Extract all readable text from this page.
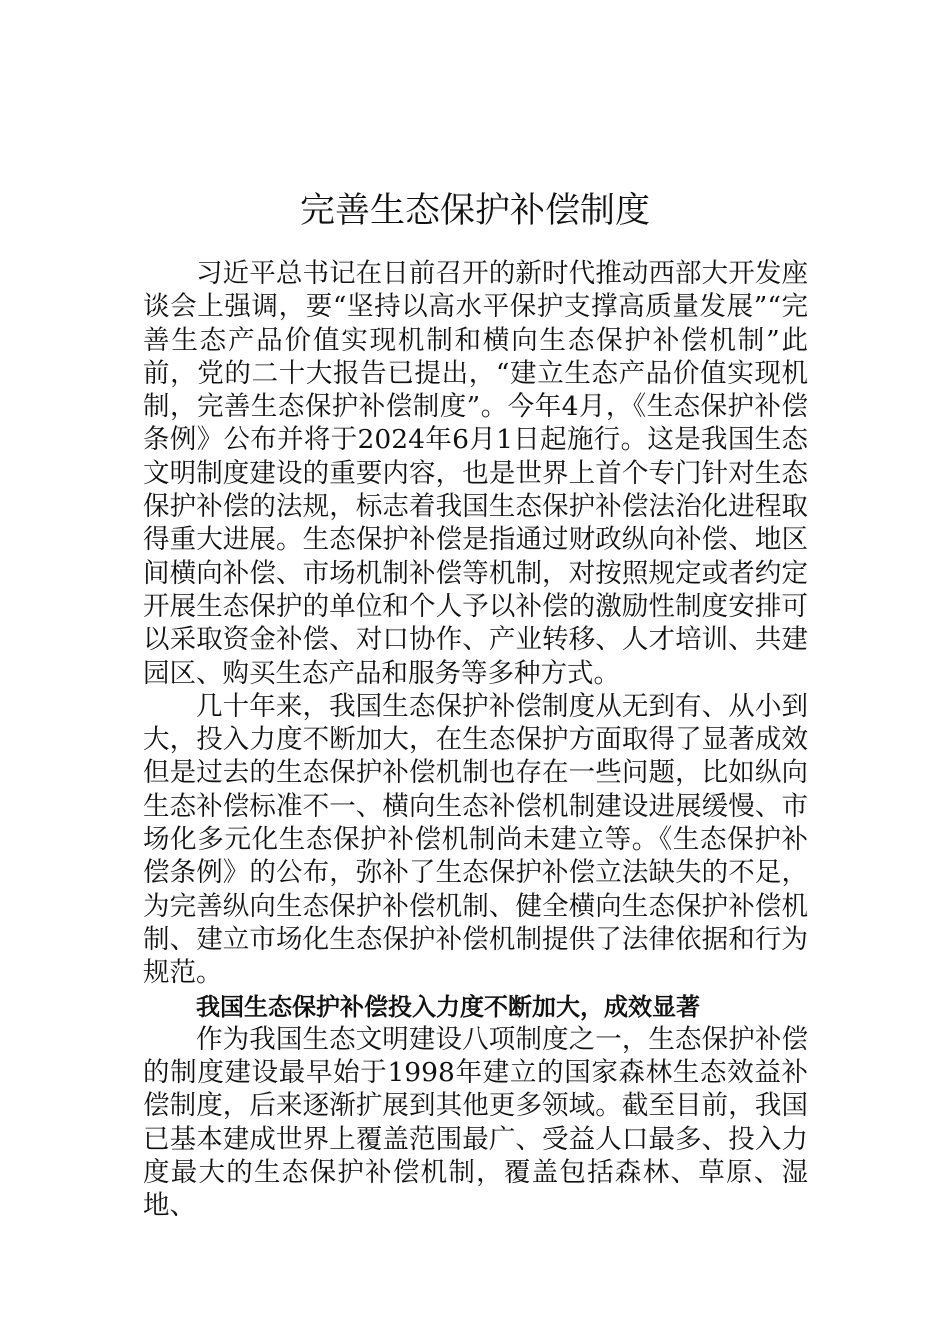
完善生态保护补偿制度

习近平总书记在日前召开的新时代推动西部大开发座谈会上强调，要“坚持以高水平保护支撑高质量发展”“完善生态产品价值实现机制和横向生态保护补偿机制”此前，党的二十大报告已提出，“建立生态产品价值实现机制，完善生态保护补偿制度”。今年4月，《生态保护补偿条例》公布并将于2024年6月1日起施行。这是我国生态文明制度建设的重要内容，也是世界上首个专门针对生态保护补偿的法规，标志着我国生态保护补偿法治化进程取得重大进展。生态保护补偿是指通过财政纵向补偿、地区间横向补偿、市场机制补偿等机制，对按照规定或者约定开展生态保护的单位和个人予以补偿的激励性制度安排可以采取资金补偿、对口协作、产业转移、人才培训、共建园区、购买生态产品和服务等多种方式。

几十年来，我国生态保护补偿制度从无到有、从小到大，投入力度不断加大，在生态保护方面取得了显著成效但是过去的生态保护补偿机制也存在一些问题，比如纵向生态补偿标准不一、横向生态补偿机制建设进展缓慢、市场化多元化生态保护补偿机制尚未建立等。《生态保护补偿条例》的公布，弥补了生态保护补偿立法缺失的不足，为完善纵向生态保护补偿机制、健全横向生态保护补偿机制、建立市场化生态保护补偿机制提供了法律依据和行为规范。

我国生态保护补偿投入力度不断加大，成效显著

作为我国生态文明建设八项制度之一，生态保护补偿的制度建设最早始于1998年建立的国家森林生态效益补偿制度，后来逐渐扩展到其他更多领域。截至目前，我国已基本建成世界上覆盖范围最广、受益人口最多、投入力度最大的生态保护补偿机制，覆盖包括森林、草原、湿地、
